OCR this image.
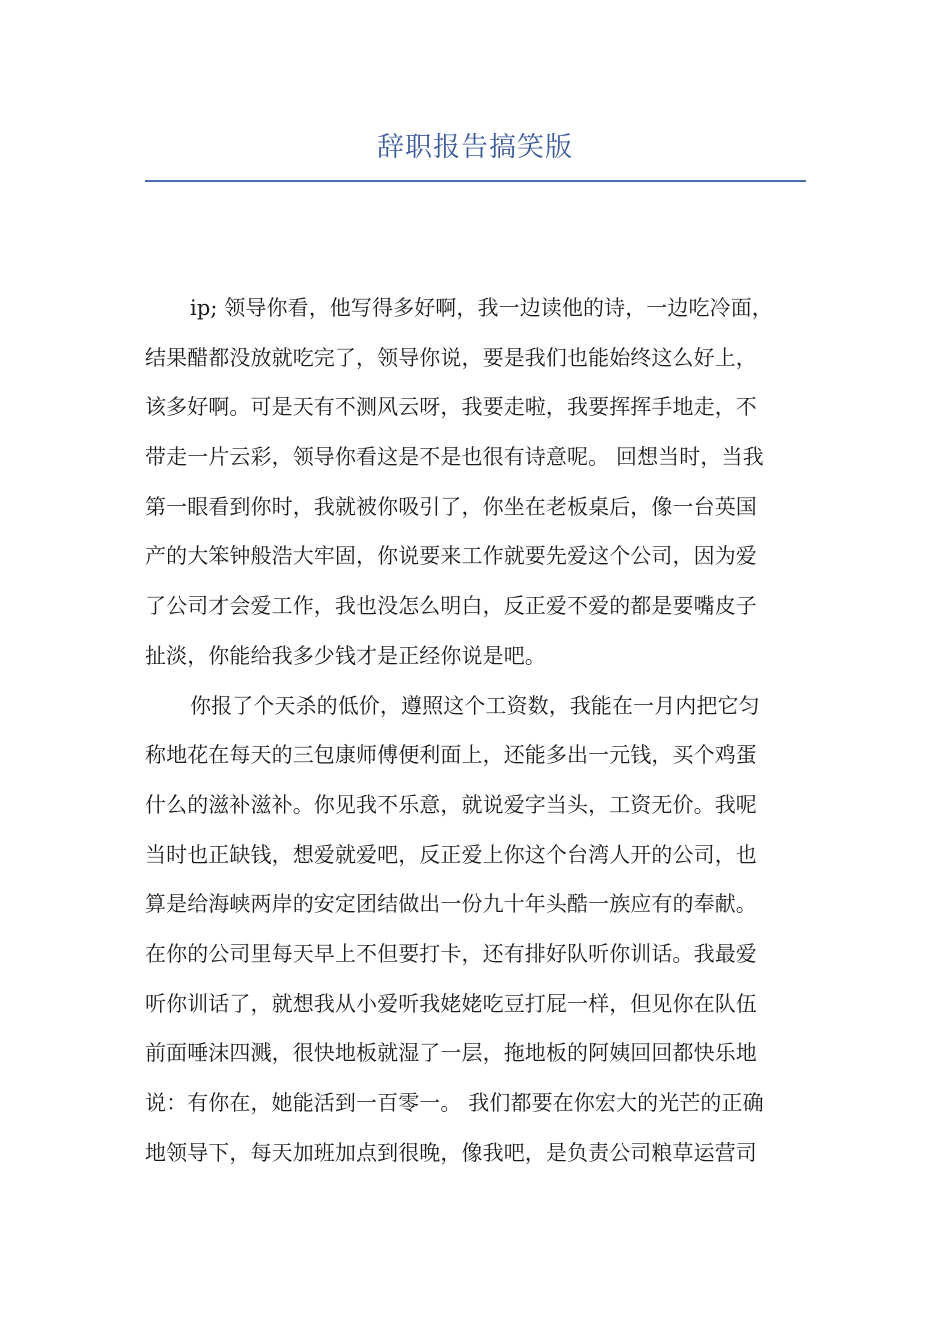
辞职报告搞笑版
ip; 领导你看，他写得多好啊，我一边读他的诗，一边吃冷面，
结果醋都没放就吃完了，领导你说，要是我们也能始终这么好上，
该多好啊。可是天有不测风云呀，我要走啦，我要挥挥手地走，不
带走一片云彩，领导你看这是不是也很有诗意呢。 回想当时，当我
第一眼看到你时，我就被你吸引了，你坐在老板桌后，像一台英国
产的大笨钟般浩大牢固，你说要来工作就要先爱这个公司，因为爱
了公司才会爱工作，我也没怎么明白，反正爱不爱的都是要嘴皮子
扯淡，你能给我多少钱才是正经你说是吧。
你报了个天杀的低价，遵照这个工资数，我能在一月内把它匀
称地花在每天的三包康师傅便利面上，还能多出一元钱，买个鸡蛋
什么的滋补滋补。你见我不乐意，就说爱字当头，工资无价。我呢
当时也正缺钱，想爱就爱吧，反正爱上你这个台湾人开的公司，也
算是给海峡两岸的安定团结做出一份九十年头酷一族应有的奉献。
在你的公司里每天早上不但要打卡，还有排好队听你训话。我最爱
听你训话了，就想我从小爱听我姥姥吃豆打屁一样，但见你在队伍
前面唾沫四溅，很快地板就湿了一层，拖地板的阿姨回回都快乐地
说：有你在，她能活到一百零一。 我们都要在你宏大的光芒的正确
地领导下，每天加班加点到很晚，像我吧，是负责公司粮草运营司
